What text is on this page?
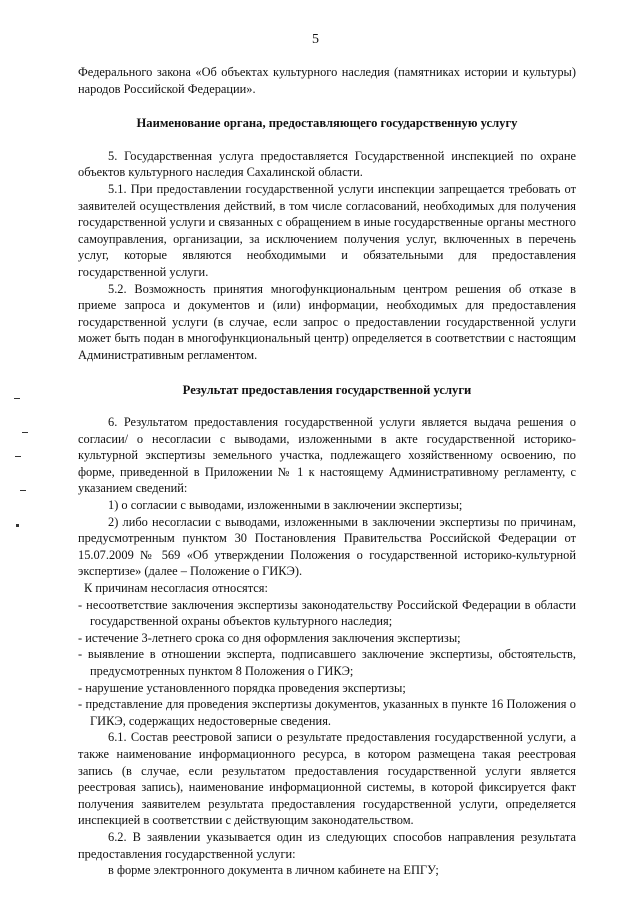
5

Федерального закона «Об объектах культурного наследия (памятниках истории и культуры) народов Российской Федерации».

Наименование органа, предоставляющего государственную услугу

5. Государственная услуга предоставляется Государственной инспекцией по охране объектов культурного наследия Сахалинской области.

5.1. При предоставлении государственной услуги инспекции запрещается требовать от заявителей осуществления действий, в том числе согласований, необходимых для получения государственной услуги и связанных с обращением в иные государственные органы местного самоуправления, организации, за исключением получения услуг, включенных в перечень услуг, которые являются необходимыми и обязательными для предоставления государственной услуги.

5.2. Возможность принятия многофункциональным центром решения об отказе в приеме запроса и документов и (или) информации, необходимых для предоставления государственной услуги (в случае, если запрос о предоставлении государственной услуги может быть подан в многофункциональный центр) определяется в соответствии с настоящим Административным регламентом.

Результат предоставления государственной услуги

6. Результатом предоставления государственной услуги является выдача решения о согласии/ о несогласии с выводами, изложенными в акте государственной историко-культурной экспертизы земельного участка, подлежащего хозяйственному освоению, по форме, приведенной в Приложении № 1 к настоящему Административному регламенту, с указанием сведений:

1) о согласии с выводами, изложенными в заключении экспертизы;

2) либо несогласии с выводами, изложенными в заключении экспертизы по причинам, предусмотренным пунктом 30 Постановления Правительства Российской Федерации от 15.07.2009 № 569 «Об утверждении Положения о государственной историко-культурной экспертизе» (далее – Положение о ГИКЭ).

К причинам несогласия относятся:

- несоответствие заключения экспертизы законодательству Российской Федерации в области государственной охраны объектов культурного наследия;

- истечение 3-летнего срока со дня оформления заключения экспертизы;

- выявление в отношении эксперта, подписавшего заключение экспертизы, обстоятельств, предусмотренных пунктом 8 Положения о ГИКЭ;

- нарушение установленного порядка проведения экспертизы;

- представление для проведения экспертизы документов, указанных в пункте 16 Положения о ГИКЭ, содержащих недостоверные сведения.

6.1. Состав реестровой записи о результате предоставления государственной услуги, а также наименование информационного ресурса, в котором размещена такая реестровая запись (в случае, если результатом предоставления государственной услуги является реестровая запись), наименование информационной системы, в которой фиксируется факт получения заявителем результата предоставления государственной услуги, определяется инспекцией в соответствии с действующим законодательством.

6.2. В заявлении указывается один из следующих способов направления результата предоставления государственной услуги:

в форме электронного документа в личном кабинете на ЕПГУ;
